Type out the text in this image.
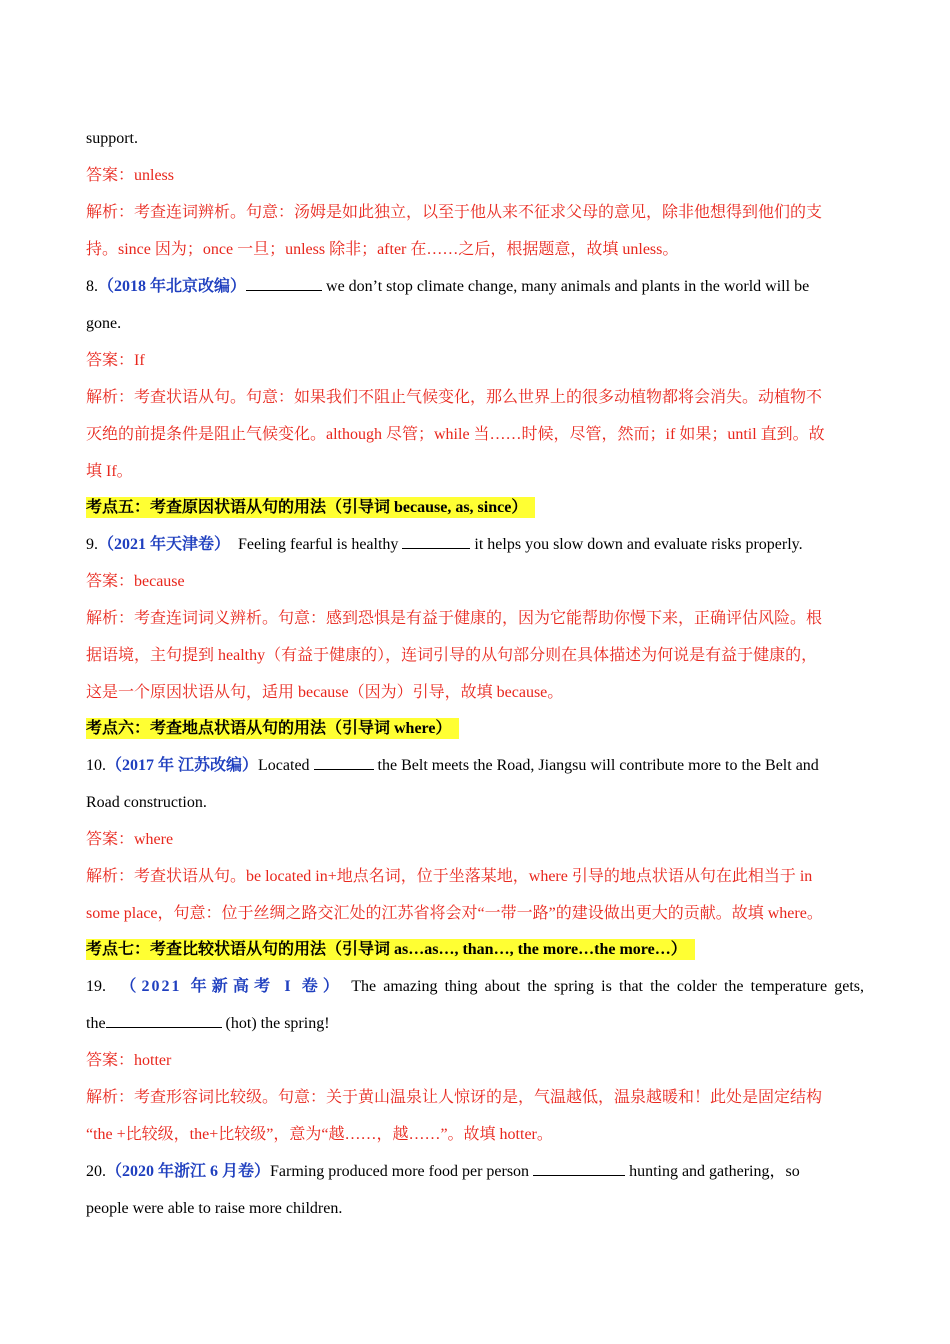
support.

答案：unless

解析：考查连词辨析。句意：汤姆是如此独立，以至于他从来不征求父母的意见，除非他想得到他们的支

持。since 因为；once 一旦；unless 除非；after 在……之后，根据题意，故填 unless。

8.（2018 年北京改编）	we don’t stop climate change, many animals and plants in the world will be

gone.

答案：If

解析：考查状语从句。句意：如果我们不阻止气候变化，那么世界上的很多动植物都将会消失。动植物不

灭绝的前提条件是阻止气候变化。although 尽管；while 当……时候，尽管，然而；if 如果；until 直到。故

填 If。

考点五：考查原因状语从句的用法（引导词 because, as, since）

9.（2021 年天津卷） Feeling fearful is healthy	it helps you slow down and evaluate risks properly.

答案：because

解析：考查连词词义辨析。句意：感到恐惧是有益于健康的，因为它能帮助你慢下来，正确评估风险。根

据语境，主句提到 healthy（有益于健康的），连词引导的从句部分则在具体描述为何说是有益于健康的，

这是一个原因状语从句，适用 because（因为）引导，故填 because。

考点六：考查地点状语从句的用法（引导词 where）

10.（2017 年 江苏改编）Located	the Belt meets the Road, Jiangsu will contribute more to the Belt and

Road construction.

答案：where

解析：考查状语从句。be located in+地点名词，位于坐落某地，where 引导的地点状语从句在此相当于 in

some place，句意：位于丝绸之路交汇处的江苏省将会对“一带一路”的建设做出更大的贡献。故填 where。

考点七：考查比较状语从句的用法（引导词 as…as…, than…, the more…the more…）

19. （2021 年新高考 I 卷） The amazing thing about the spring is that the colder the temperature gets,

the	(hot) the spring!

答案：hotter

解析：考查形容词比较级。句意：关于黄山温泉让人惊讶的是，气温越低，温泉越暖和！此处是固定结构

“the +比较级，the+比较级”，意为“越……，越……”。故填 hotter。

20.（2020 年浙江 6 月卷）Farming produced more food per person	hunting and gathering，so

people were able to raise more children.
